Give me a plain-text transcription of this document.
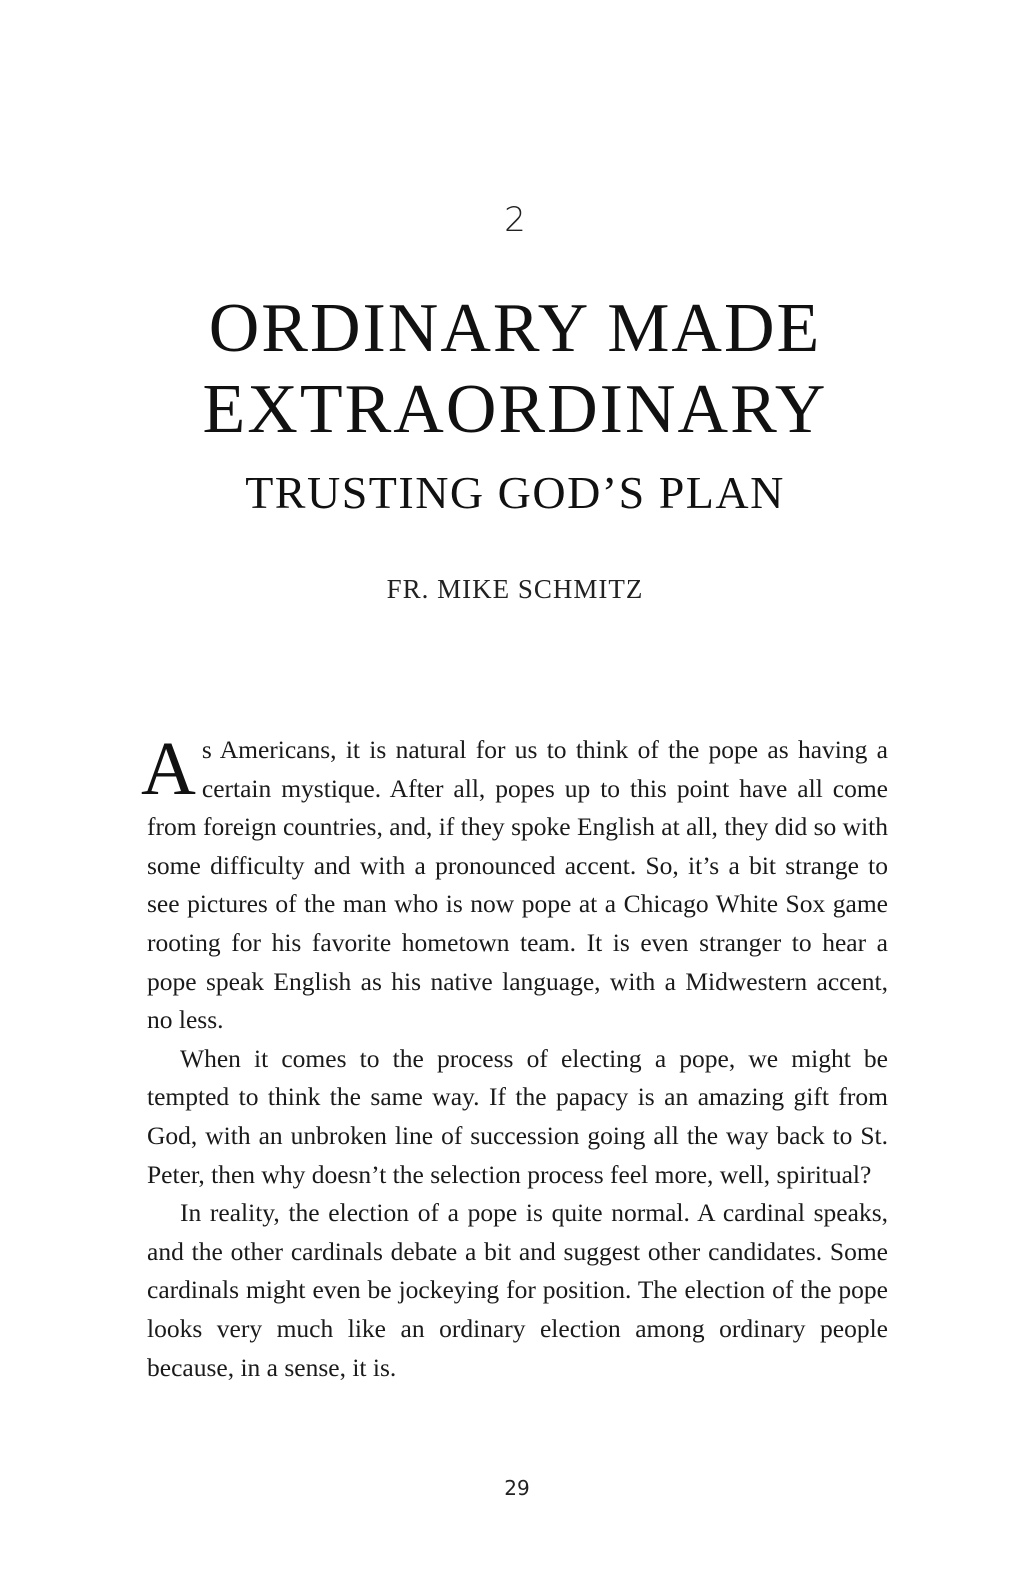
2
ORDINARY MADE
EXTRAORDINARY
TRUSTING GOD’S PLAN
FR. MIKE SCHMITZ

As Americans, it is natural for us to think of the pope as having a certain mystique. After all, popes up to this point have all come from foreign countries, and, if they spoke English at all, they did so with some difficulty and with a pronounced accent. So, it’s a bit strange to see pictures of the man who is now pope at a Chicago White Sox game rooting for his favorite hometown team. It is even stranger to hear a pope speak English as his native language, with a Midwestern accent, no less.

When it comes to the process of electing a pope, we might be tempted to think the same way. If the papacy is an amazing gift from God, with an unbroken line of succession going all the way back to St. Peter, then why doesn’t the selection process feel more, well, spiritual?

In reality, the election of a pope is quite normal. A cardinal speaks, and the other cardinals debate a bit and suggest other candidates. Some cardinals might even be jockeying for position. The election of the pope looks very much like an ordinary election among ordinary people because, in a sense, it is.

29
